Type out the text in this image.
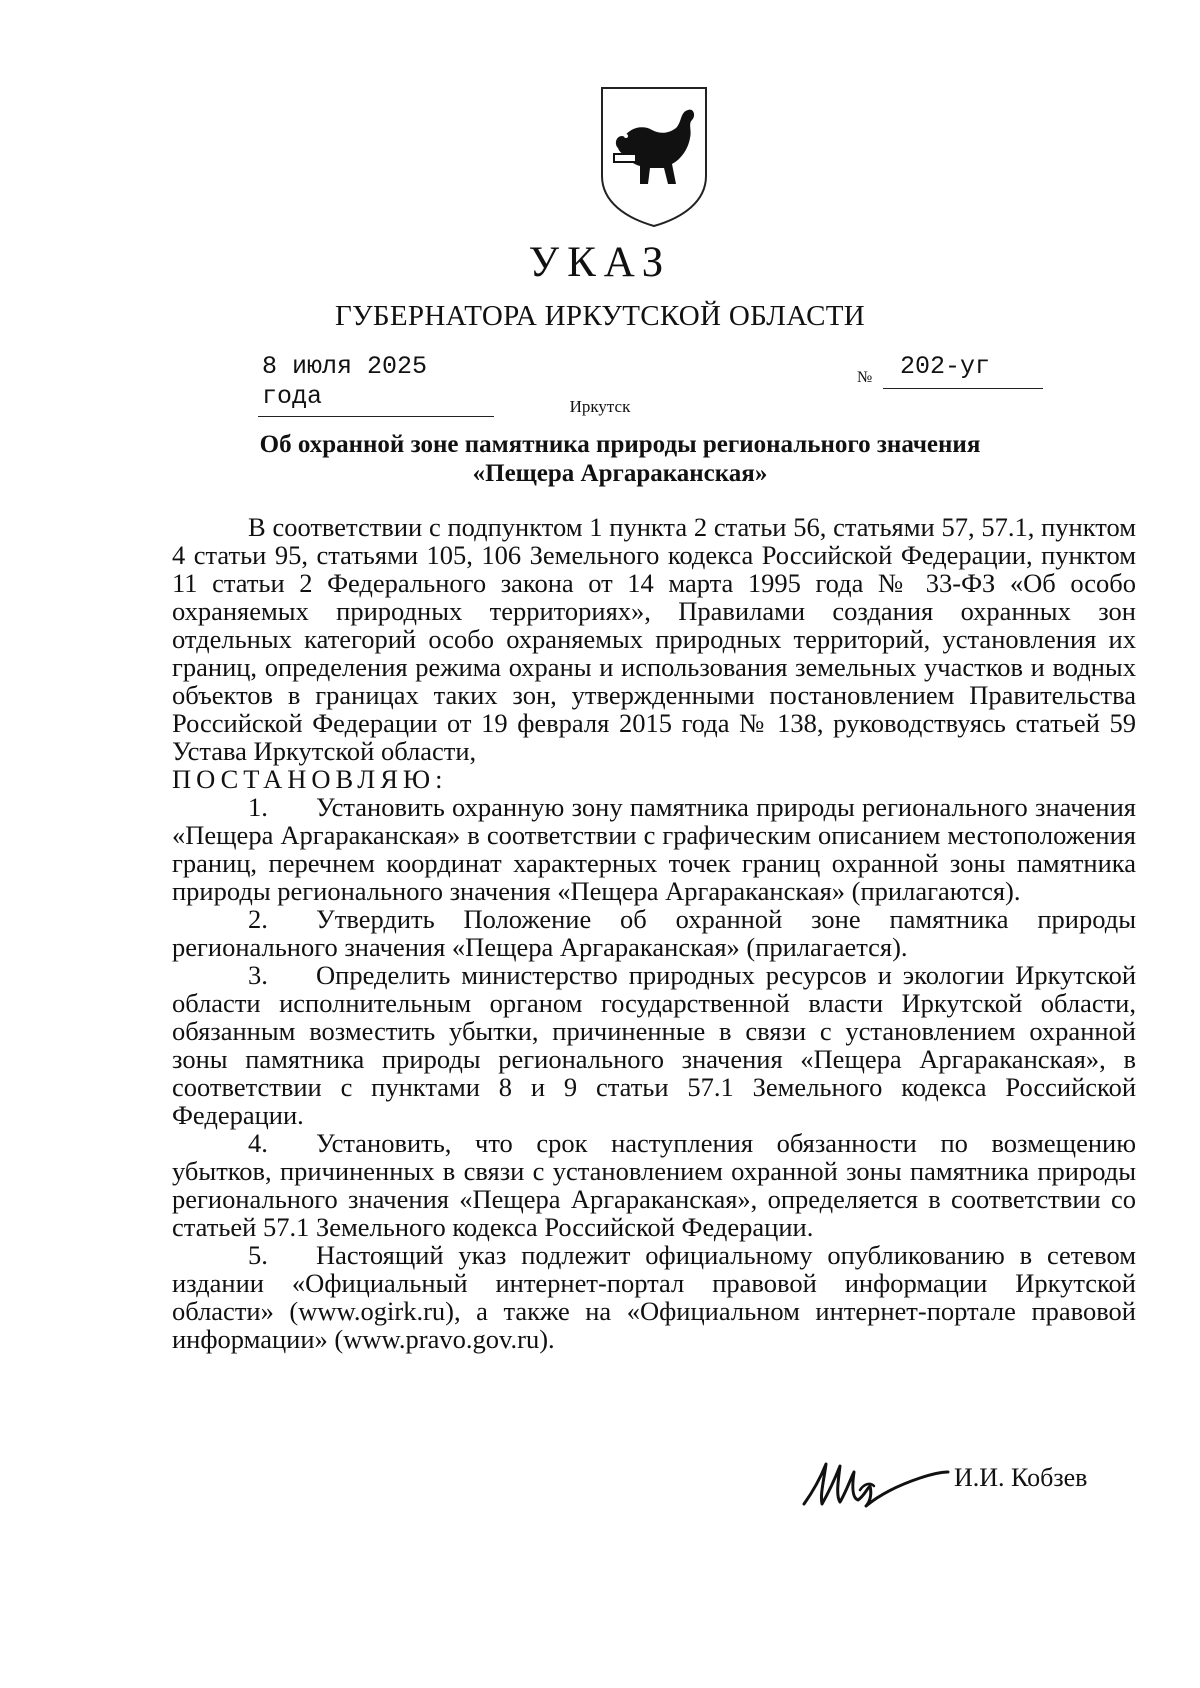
УКАЗ
ГУБЕРНАТОРА ИРКУТСКОЙ ОБЛАСТИ
8 июля 2025 года
№ 202-уг
Иркутск
Об охранной зоне памятника природы регионального значения
«Пещера Аргараканская»

В соответствии с подпунктом 1 пункта 2 статьи 56, статьями 57, 57.1, пунктом 4 статьи 95, статьями 105, 106 Земельного кодекса Российской Федерации, пунктом 11 статьи 2 Федерального закона от 14 марта 1995 года № 33-ФЗ «Об особо охраняемых природных территориях», Правилами создания охранных зон отдельных категорий особо охраняемых природных территорий, установления их границ, определения режима охраны и использования земельных участков и водных объектов в границах таких зон, утвержденными постановлением Правительства Российской Федерации от 19 февраля 2015 года № 138, руководствуясь статьей 59 Устава Иркутской области,

ПОСТАНОВЛЯЮ:

1. Установить охранную зону памятника природы регионального значения «Пещера Аргараканская» в соответствии с графическим описанием местоположения границ, перечнем координат характерных точек границ охранной зоны памятника природы регионального значения «Пещера Аргараканская» (прилагаются).

2. Утвердить Положение об охранной зоне памятника природы регионального значения «Пещера Аргараканская» (прилагается).

3. Определить министерство природных ресурсов и экологии Иркутской области исполнительным органом государственной власти Иркутской области, обязанным возместить убытки, причиненные в связи с установлением охранной зоны памятника природы регионального значения «Пещера Аргараканская», в соответствии с пунктами 8 и 9 статьи 57.1 Земельного кодекса Российской Федерации.

4. Установить, что срок наступления обязанности по возмещению убытков, причиненных в связи с установлением охранной зоны памятника природы регионального значения «Пещера Аргараканская», определяется в соответствии со статьей 57.1 Земельного кодекса Российской Федерации.

5. Настоящий указ подлежит официальному опубликованию в сетевом издании «Официальный интернет-портал правовой информации Иркутской области» (www.ogirk.ru), а также на «Официальном интернет-портале правовой информации» (www.pravo.gov.ru).

И.И. Кобзев
